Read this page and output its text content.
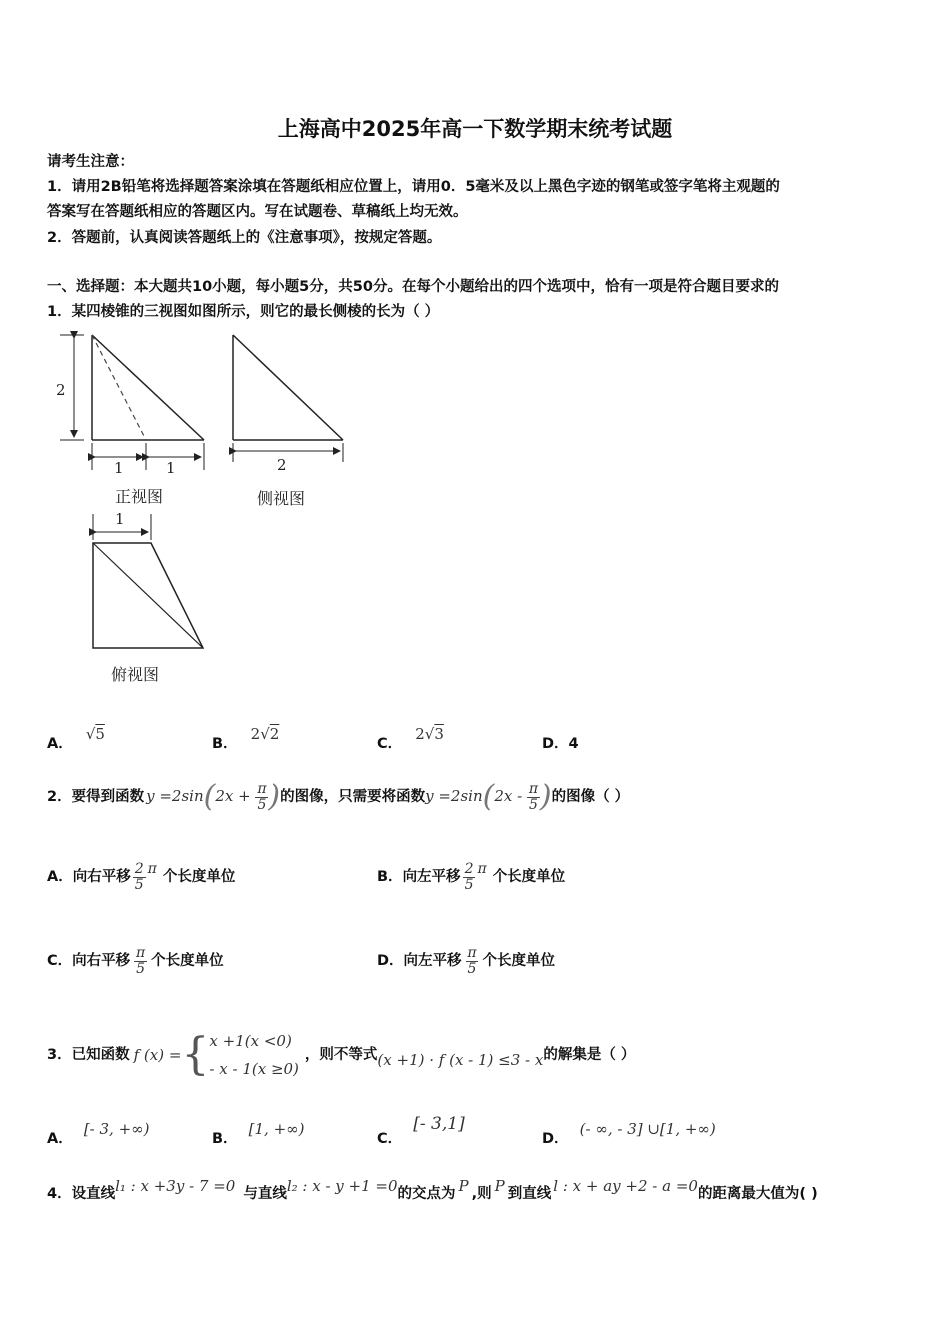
上海高中2025年高一下数学期末统考试题
请考生注意：
1．请用2B铅笔将选择题答案涂填在答题纸相应位置上，请用0．5毫米及以上黑色字迹的钢笔或签字笔将主观题的
答案写在答题纸相应的答题区内。写在试题卷、草稿纸上均无效。
2．答题前，认真阅读答题纸上的《注意事项》，按规定答题。
一、选择题：本大题共10小题，每小题5分，共50分。在每个小题给出的四个选项中，恰有一项是符合题目要求的
1．某四棱锥的三视图如图所示，则它的最长侧棱的长为（ ）
2
1	1
正视图
2
侧视图
1
俯视图
A． √5
B． 2√2
C． 2√3
D．4
2．要得到函数 $y =2\sin(2x + \frac{\pi}{5}$ ) 的图像，只需要将函数 $y =2\sin(2x - \frac{\pi}{5}$ ) 的图像（ ）
A． 向右平移 $\frac{2}{5}$ π 个长度单位	B． 向左平移 $\frac{2}{5}$ π 个长度单位
C． 向右平移 $\frac{\pi}{5}$ 个长度单位	D． 向左平移 $\frac{\pi}{5}$ 个长度单位
3．已知函数 f (x) = { x +1(x <0)
- x - 1(x ≥0)
，则不等式 (x +1) · f (x - 1) ≤3 - x 的解集是（ ）
A． [- 3, +∞)
B． [1, +∞)
C． [- 3,1]
D． (- ∞, - 3] ∪[1, +∞)
4．设直线 l₁ : x +3y - 7 =0 与直线 l₂ : x - y +1 =0 的交点为 P ,则 P 到直线 l : x + ay +2 - a =0 的距离最大值为( )
